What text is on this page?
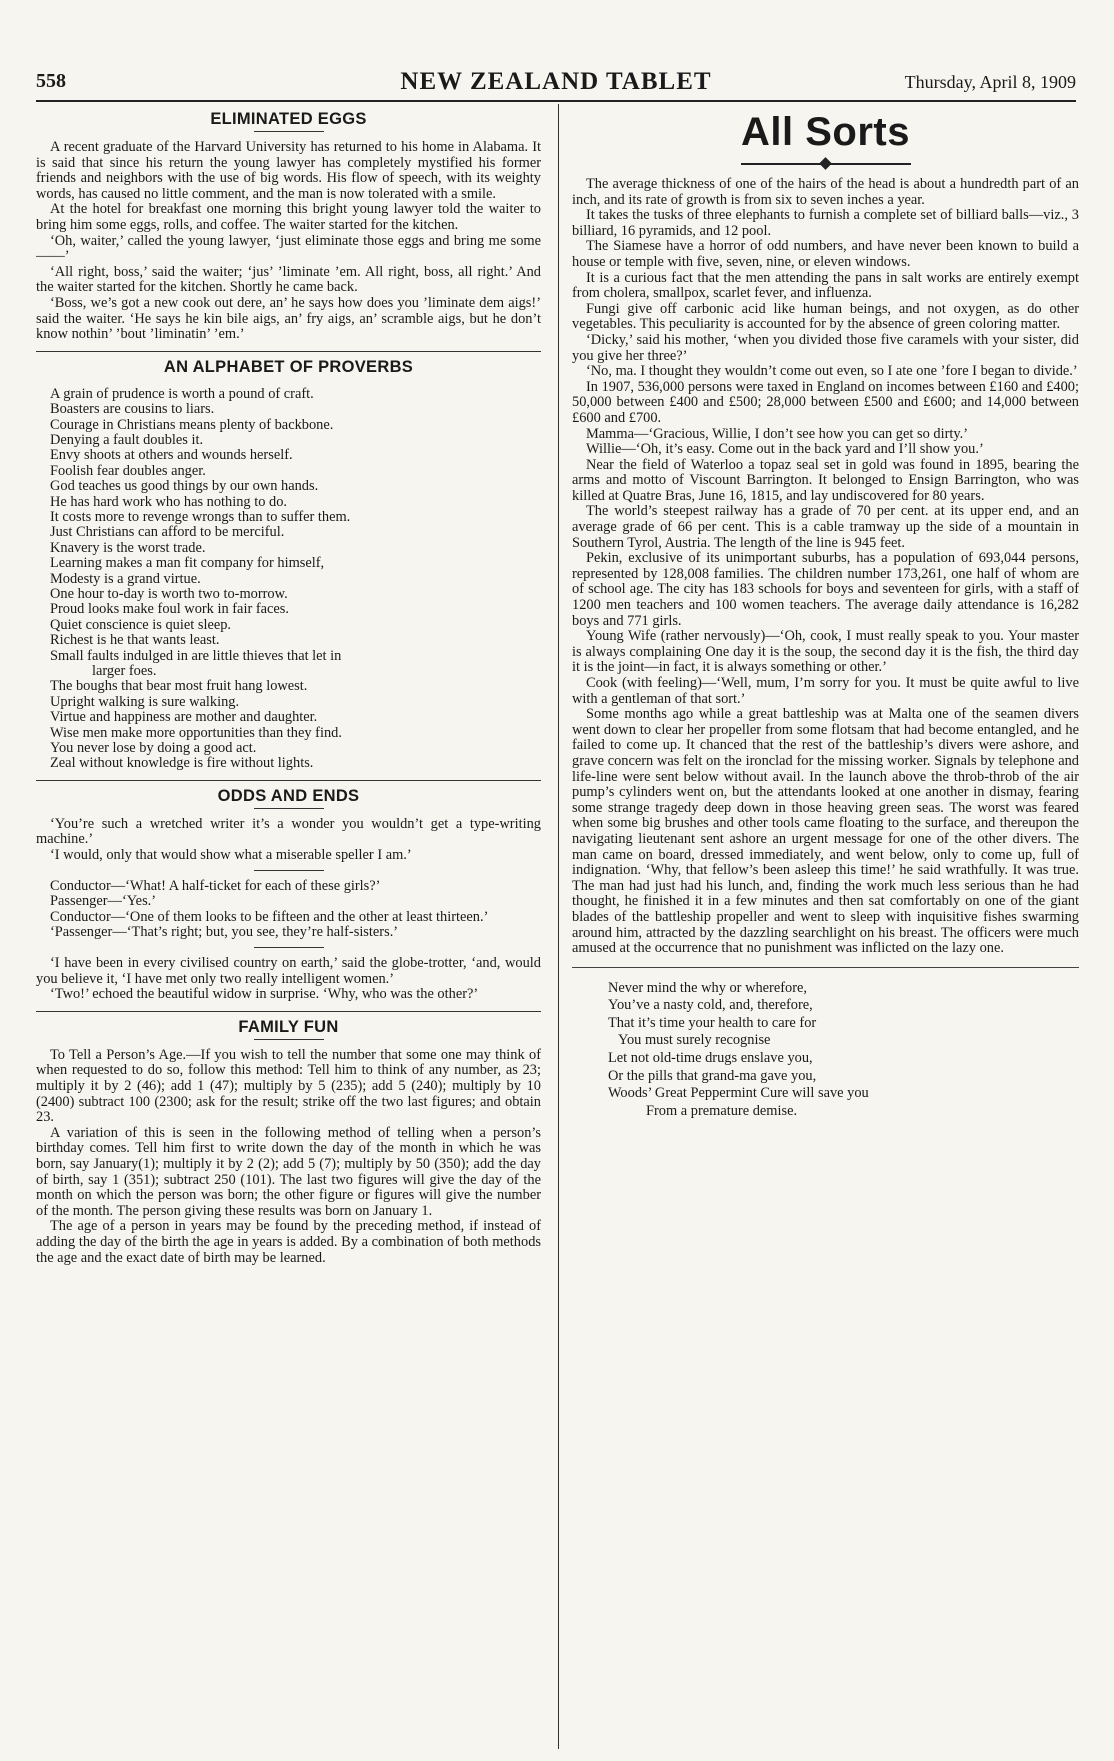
558	NEW ZEALAND TABLET	Thursday, April 8, 1909
ELIMINATED EGGS

A recent graduate of the Harvard University has returned to his home in Alabama. It is said that since his return the young lawyer has completely mystified his former friends and neighbors with the use of big words. His flow of speech, with its weighty words, has caused no little comment, and the man is now tolerated with a smile.

At the hotel for breakfast one morning this bright young lawyer told the waiter to bring him some eggs, rolls, and coffee. The waiter started for the kitchen.

‘Oh, waiter,’ called the young lawyer, ‘just eliminate those eggs and bring me some——’

‘All right, boss,’ said the waiter; ‘jus’ ’liminate ’em. All right, boss, all right.’ And the waiter started for the kitchen. Shortly he came back.

‘Boss, we’s got a new cook out dere, an’ he says how does you ’liminate dem aigs!’ said the waiter. ‘He says he kin bile aigs, an’ fry aigs, an’ scramble aigs, but he don’t know nothin’ ’bout ’liminatin’ ’em.’

AN ALPHABET OF PROVERBS
A grain of prudence is worth a pound of craft.
Boasters are cousins to liars.
Courage in Christians means plenty of backbone.
Denying a fault doubles it.
Envy shoots at others and wounds herself.
Foolish fear doubles anger.
God teaches us good things by our own hands.
He has hard work who has nothing to do.
It costs more to revenge wrongs than to suffer them.
Just Christians can afford to be merciful.
Knavery is the worst trade.
Learning makes a man fit company for himself,
Modesty is a grand virtue.
One hour to-day is worth two to-morrow.
Proud looks make foul work in fair faces.
Quiet conscience is quiet sleep.
Richest is he that wants least.
Small faults indulged in are little thieves that let in
larger foes.
The boughs that bear most fruit hang lowest.
Upright walking is sure walking.
Virtue and happiness are mother and daughter.
Wise men make more opportunities than they find.
You never lose by doing a good act.
Zeal without knowledge is fire without lights.
ODDS AND ENDS

‘You’re such a wretched writer it’s a wonder you wouldn’t get a type-writing machine.’

‘I would, only that would show what a miserable speller I am.’

Conductor—‘What! A half-ticket for each of these girls?’

Passenger—‘Yes.’

Conductor—‘One of them looks to be fifteen and the other at least thirteen.’

‘Passenger—‘That’s right; but, you see, they’re half-sisters.’

‘I have been in every civilised country on earth,’ said the globe-trotter, ‘and, would you believe it, ‘I have met only two really intelligent women.’

‘Two!’ echoed the beautiful widow in surprise. ‘Why, who was the other?’

FAMILY FUN

To Tell a Person’s Age.—If you wish to tell the number that some one may think of when requested to do so, follow this method: Tell him to think of any number, as 23; multiply it by 2 (46); add 1 (47); multiply by 5 (235); add 5 (240); multiply by 10 (2400) subtract 100 (2300; ask for the result; strike off the two last figures; and obtain 23.

A variation of this is seen in the following method of telling when a person’s birthday comes. Tell him first to write down the day of the month in which he was born, say January(1); multiply it by 2 (2); add 5 (7); multiply by 50 (350); add the day of birth, say 1 (351); subtract 250 (101). The last two figures will give the day of the month on which the person was born; the other figure or figures will give the number of the month. The person giving these results was born on January 1.

The age of a person in years may be found by the preceding method, if instead of adding the day of the birth the age in years is added. By a combination of both methods the age and the exact date of birth may be learned.

All Sorts

The average thickness of one of the hairs of the head is about a hundredth part of an inch, and its rate of growth is from six to seven inches a year.

It takes the tusks of three elephants to furnish a complete set of billiard balls—viz., 3 billiard, 16 pyramids, and 12 pool.

The Siamese have a horror of odd numbers, and have never been known to build a house or temple with five, seven, nine, or eleven windows.

It is a curious fact that the men attending the pans in salt works are entirely exempt from cholera, smallpox, scarlet fever, and influenza.

Fungi give off carbonic acid like human beings, and not oxygen, as do other vegetables. This peculiarity is accounted for by the absence of green coloring matter.

‘Dicky,’ said his mother, ‘when you divided those five caramels with your sister, did you give her three?’

‘No, ma. I thought they wouldn’t come out even, so I ate one ’fore I began to divide.’

In 1907, 536,000 persons were taxed in England on incomes between £160 and £400; 50,000 between £400 and £500; 28,000 between £500 and £600; and 14,000 between £600 and £700.

Mamma—‘Gracious, Willie, I don’t see how you can get so dirty.’

Willie—‘Oh, it’s easy. Come out in the back yard and I’ll show you.’

Near the field of Waterloo a topaz seal set in gold was found in 1895, bearing the arms and motto of Viscount Barrington. It belonged to Ensign Barrington, who was killed at Quatre Bras, June 16, 1815, and lay undiscovered for 80 years.

The world’s steepest railway has a grade of 70 per cent. at its upper end, and an average grade of 66 per cent. This is a cable tramway up the side of a mountain in Southern Tyrol, Austria. The length of the line is 945 feet.

Pekin, exclusive of its unimportant suburbs, has a population of 693,044 persons, represented by 128,008 families. The children number 173,261, one half of whom are of school age. The city has 183 schools for boys and seventeen for girls, with a staff of 1200 men teachers and 100 women teachers. The average daily attendance is 16,282 boys and 771 girls.

Young Wife (rather nervously)—‘Oh, cook, I must really speak to you. Your master is always complaining One day it is the soup, the second day it is the fish, the third day it is the joint—in fact, it is always something or other.’

Cook (with feeling)—‘Well, mum, I’m sorry for you. It must be quite awful to live with a gentleman of that sort.’

Some months ago while a great battleship was at Malta one of the seamen divers went down to clear her propeller from some flotsam that had become entangled, and he failed to come up. It chanced that the rest of the battleship’s divers were ashore, and grave concern was felt on the ironclad for the missing worker. Signals by telephone and life-line were sent below without avail. In the launch above the throb-throb of the air pump’s cylinders went on, but the attendants looked at one another in dismay, fearing some strange tragedy deep down in those heaving green seas. The worst was feared when some big brushes and other tools came floating to the surface, and thereupon the navigating lieutenant sent ashore an urgent message for one of the other divers. The man came on board, dressed immediately, and went below, only to come up, full of indignation. ‘Why, that fellow’s been asleep this time!’ he said wrathfully. It was true. The man had just had his lunch, and, finding the work much less serious than he had thought, he finished it in a few minutes and then sat comfortably on one of the giant blades of the battleship propeller and went to sleep with inquisitive fishes swarming around him, attracted by the dazzling searchlight on his breast. The officers were much amused at the occurrence that no punishment was inflicted on the lazy one.

Never mind the why or wherefore,
You’ve a nasty cold, and, therefore,
That it’s time your health to care for
You must surely recognise
Let not old-time drugs enslave you,
Or the pills that grand-ma gave you,
Woods’ Great Peppermint Cure will save you
From a premature demise.
